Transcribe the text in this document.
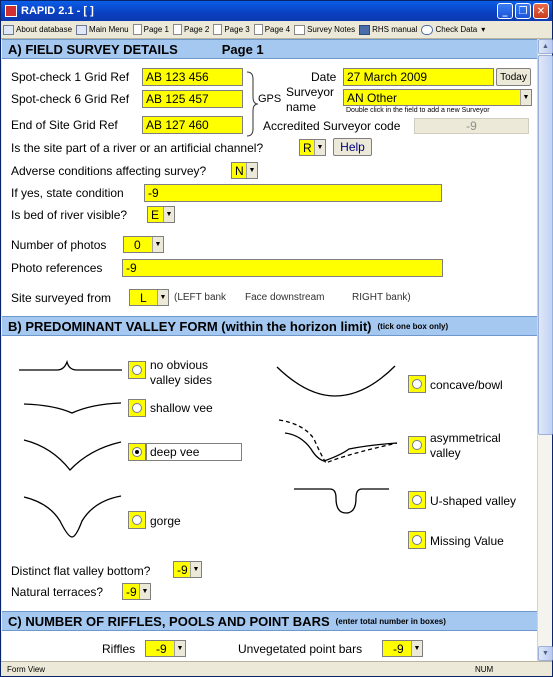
RAPID 2.1 - [ ]	_	❐ ✕
About database Main Menu Page 1 Page 2 Page 3 Page 4 Survey Notes RHS manual Check Data ▾
A) FIELD SURVEY DETAILS	Page 1
Spot-check 1 Grid Ref	AB 123 456
Spot-check 6 Grid Ref	AB 125 457
End of Site Grid Ref	AB 127 460
GPS
Date 27 March 2009	Today
Surveyor
name
AN Other	▼
Double click in the field to add a new Surveyor
Accredited Surveyor code	-9
Is the site part of a river or an artificial channel?	R ▼	Help
Adverse conditions affecting survey? N ▼
If yes, state condition	-9
Is bed of river visible? E ▼
Number of photos 0	▼
Photo references	-9
Site surveyed from L	▼ (LEFT bank Face downstream	RIGHT bank)
B) PREDOMINANT VALLEY FORM (within the horizon limit) (tick one box only)
no obvious valley sides
shallow vee
deep vee
gorge
concave/bowl
asymmetrical valley
U-shaped valley
Missing Value
Distinct flat valley bottom? -9 ▼
Natural terraces? -9 ▼
C) NUMBER OF RIFFLES, POOLS AND POINT BARS (enter total number in boxes)
Riffles -9	▼	Unvegetated point bars	-9	▼
▲
▼
Form View	NUM
